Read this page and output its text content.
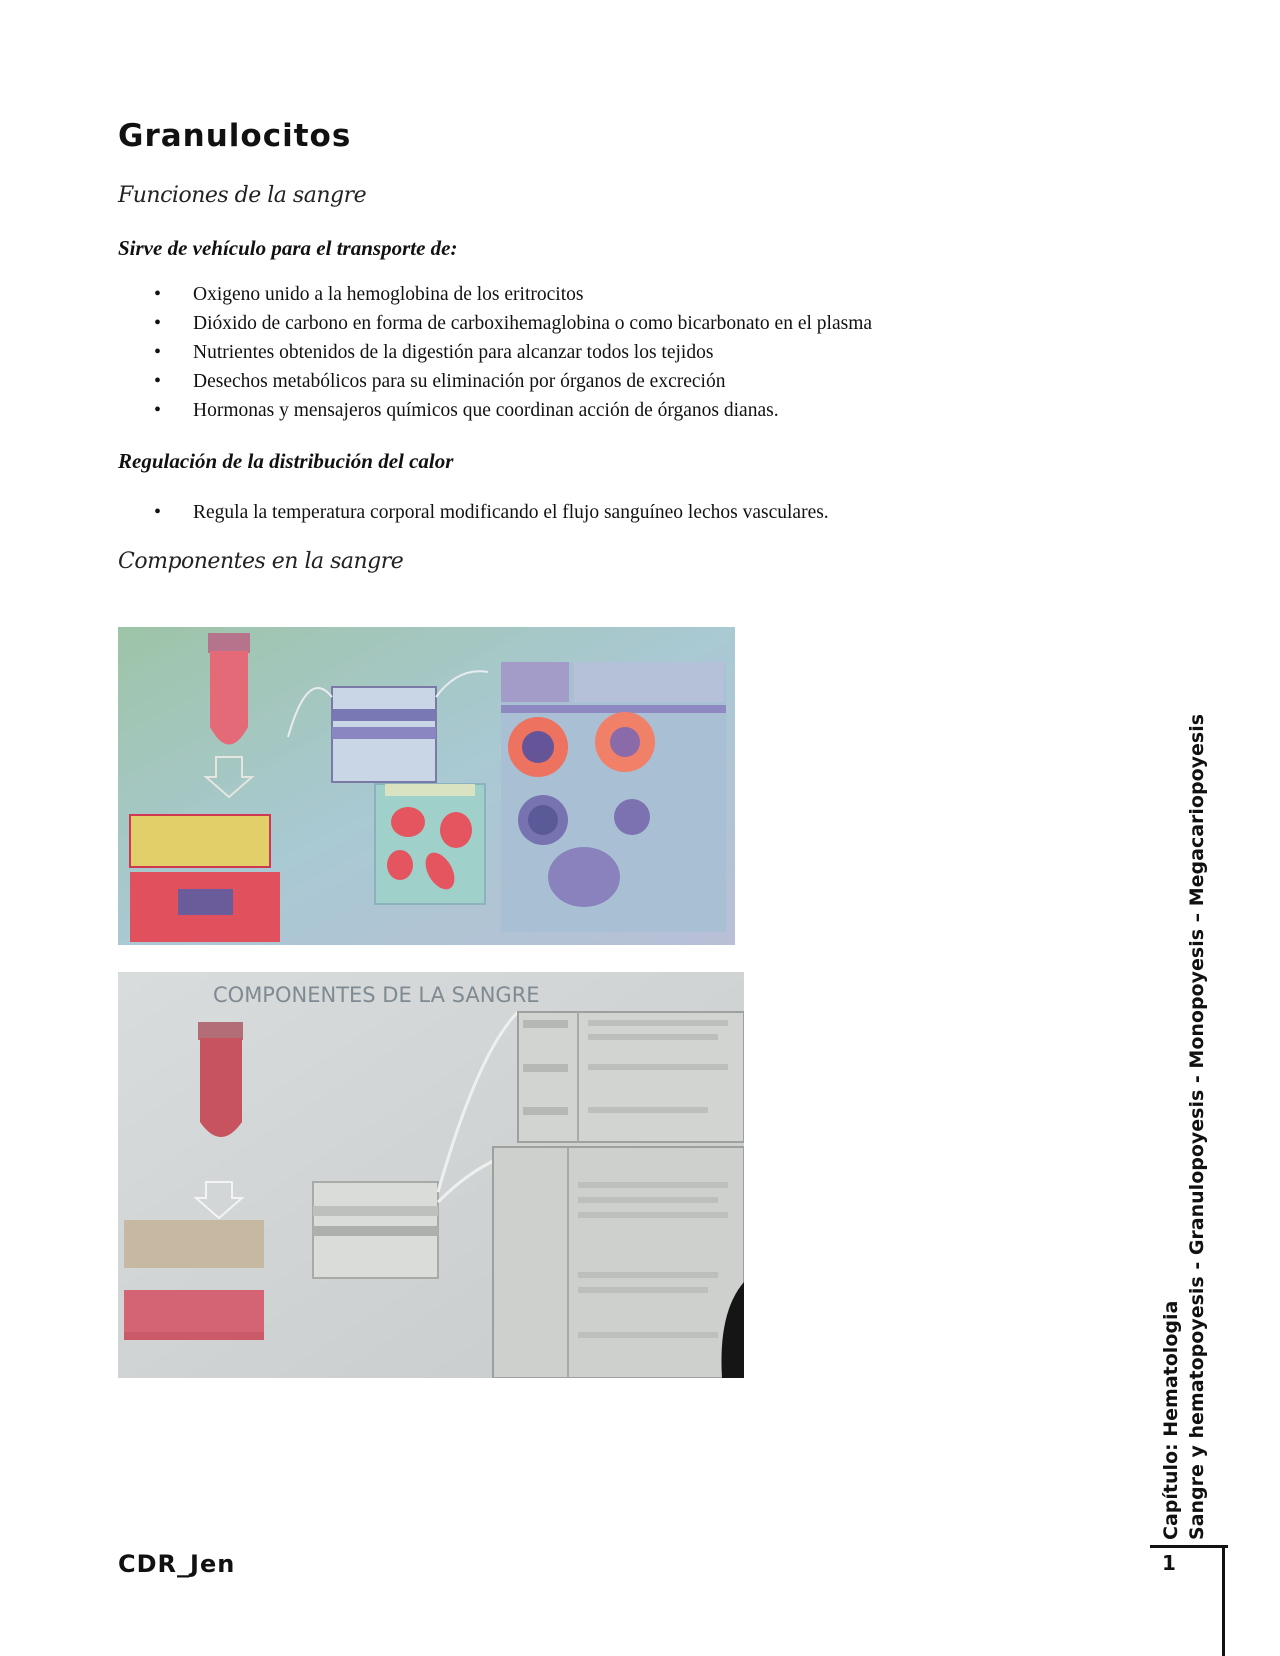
Granulocitos

Funciones de la sangre

Sirve de vehículo para el transporte de:

• Oxigeno unido a la hemoglobina de los eritrocitos
• Dióxido de carbono en forma de carboxihemaglobina o como bicarbonato en el plasma
• Nutrientes obtenidos de la digestión para alcanzar todos los tejidos
• Desechos metabólicos para su eliminación por órganos de excreción
• Hormonas y mensajeros químicos que coordinan acción de órganos dianas.

Regulación de la distribución del calor

• Regula la temperatura corporal modificando el flujo sanguíneo lechos vasculares.

Componentes en la sangre

COMPONENTES DE LA SANGRE

CDR_Jen

Capítulo: Hematologia Sangre y hematopoyesis - Granulopoyesis - Monopoyesis – Megacariopoyesis

1
